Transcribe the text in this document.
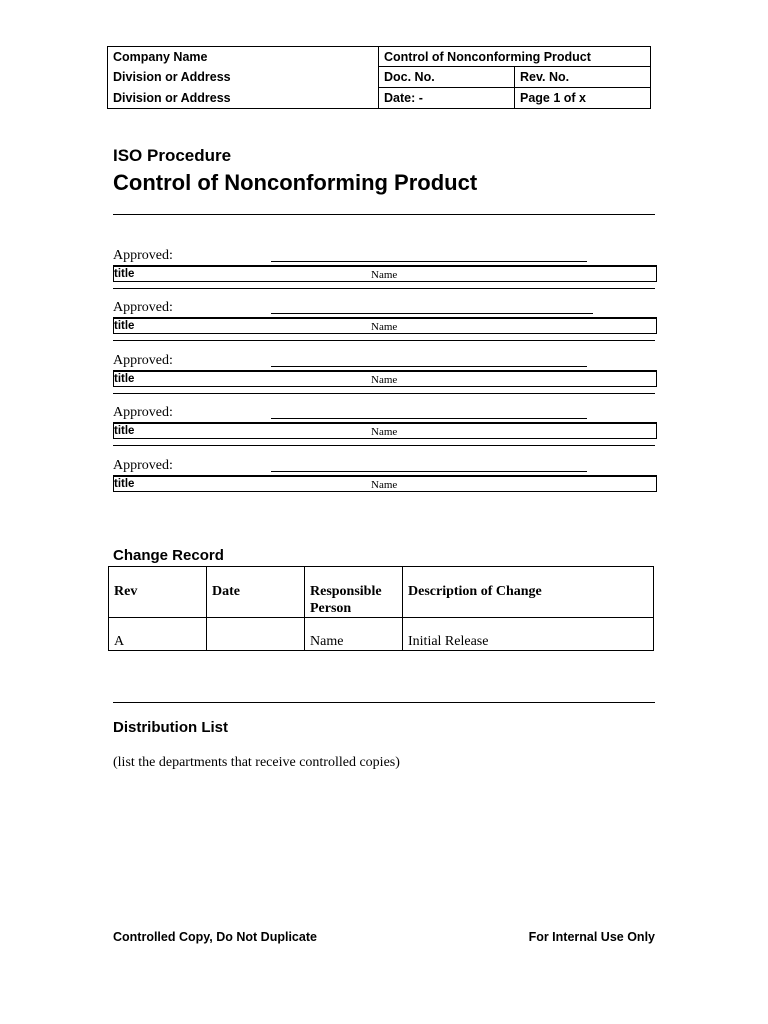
Company Name	Control of Nonconforming Product
Division or Address	Doc. No.	Rev. No.
Division or Address	Date: -	Page 1 of x
ISO Procedure
Control of Nonconforming Product
Approved:
title	Name
Approved:
title	Name
Approved:
title	Name
Approved:
title	Name
Approved:
title	Name
Change Record
Rev	Date	Responsible Person	Description of Change
A		Name	Initial Release
Distribution List
(list the departments that receive controlled copies)
Controlled Copy, Do Not Duplicate	For Internal Use Only
